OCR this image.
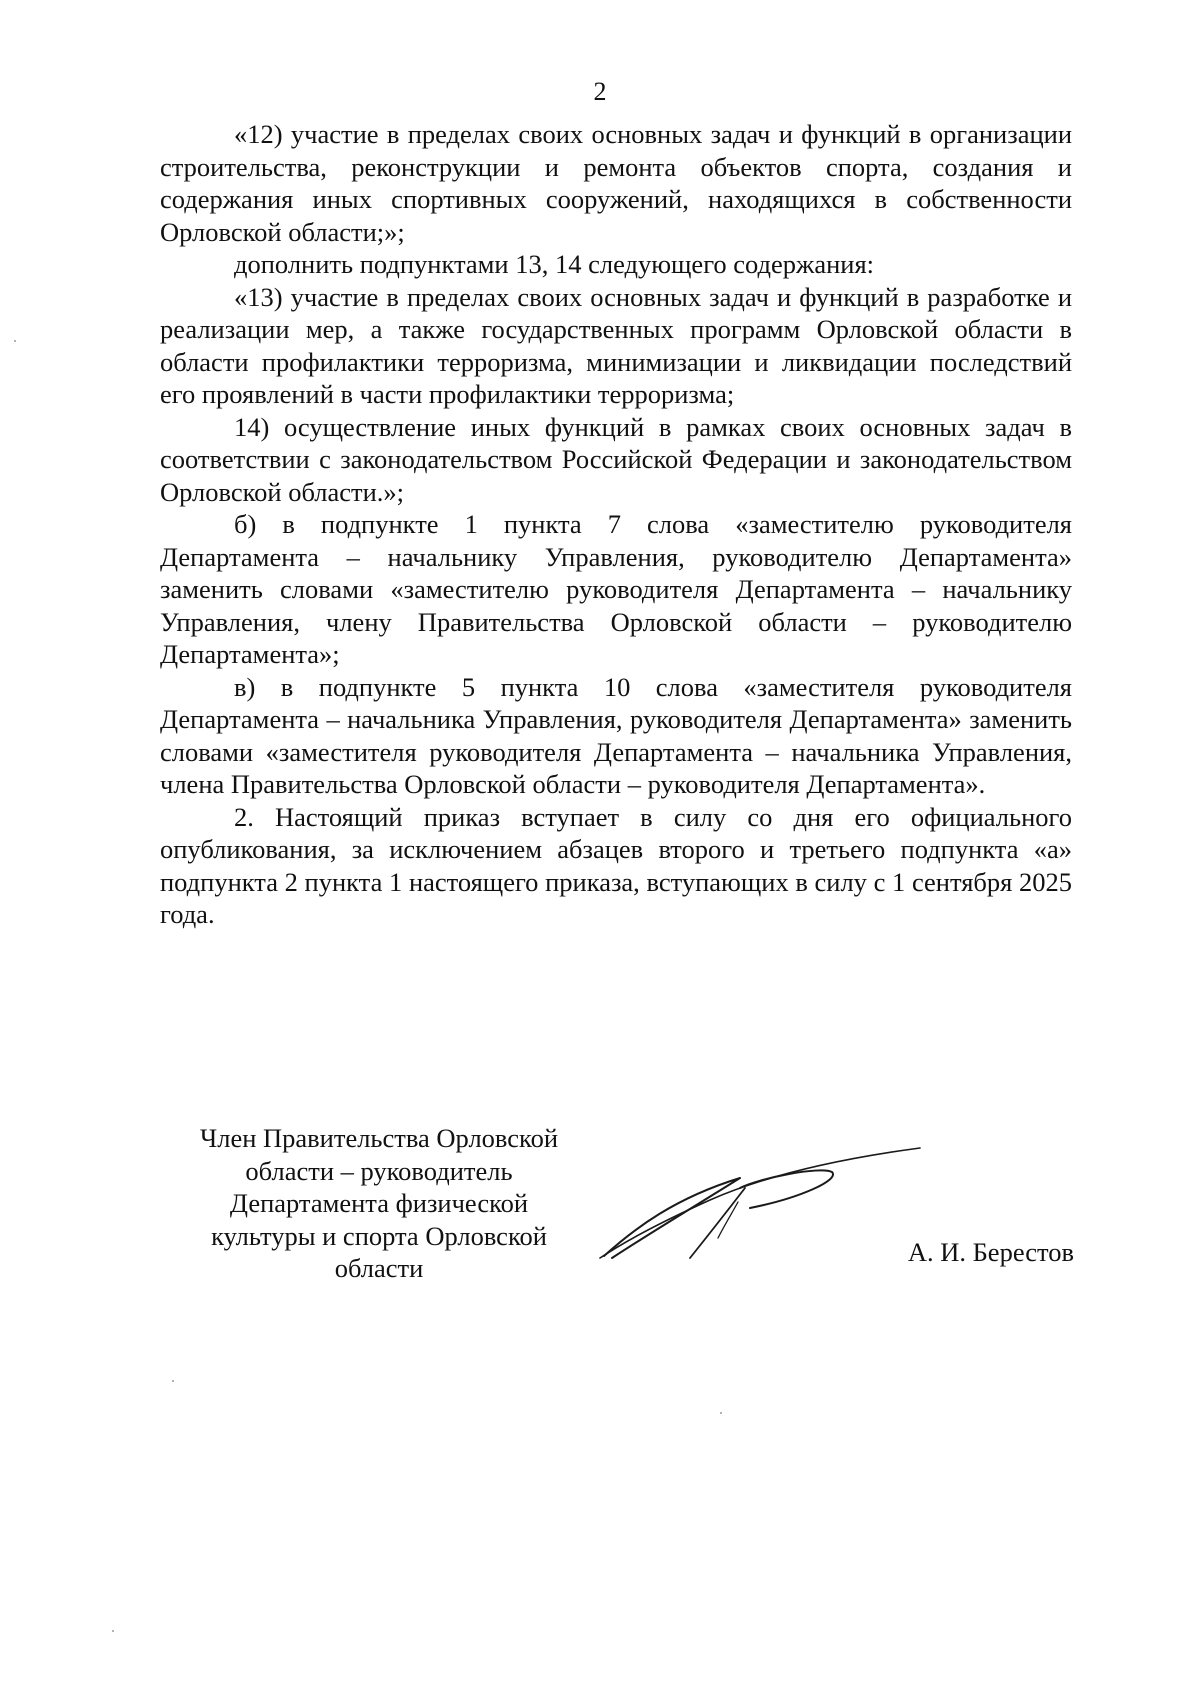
2

«12) участие в пределах своих основных задач и функций в организации строительства, реконструкции и ремонта объектов спорта, создания и содержания иных спортивных сооружений, находящихся в собственности Орловской области;»;

дополнить подпунктами 13, 14 следующего содержания:

«13) участие в пределах своих основных задач и функций в разработке и реализации мер, а также государственных программ Орловской области в области профилактики терроризма, минимизации и ликвидации последствий его проявлений в части профилактики терроризма;

14) осуществление иных функций в рамках своих основных задач в соответствии с законодательством Российской Федерации и законодательством Орловской области.»;

б) в подпункте 1 пункта 7 слова «заместителю руководителя Департамента – начальнику Управления, руководителю Департамента» заменить словами «заместителю руководителя Департамента – начальнику Управления, члену Правительства Орловской области – руководителю Департамента»;

в) в подпункте 5 пункта 10 слова «заместителя руководителя Департамента – начальника Управления, руководителя Департамента» заменить словами «заместителя руководителя Департамента – начальника Управления, члена Правительства Орловской области – руководителя Департамента».

2. Настоящий приказ вступает в силу со дня его официального опубликования, за исключением абзацев второго и третьего подпункта «а» подпункта 2 пункта 1 настоящего приказа, вступающих в силу с 1 сентября 2025 года.

Член Правительства Орловской
области – руководитель
Департамента физической
культуры и спорта Орловской
области
А. И. Берестов
